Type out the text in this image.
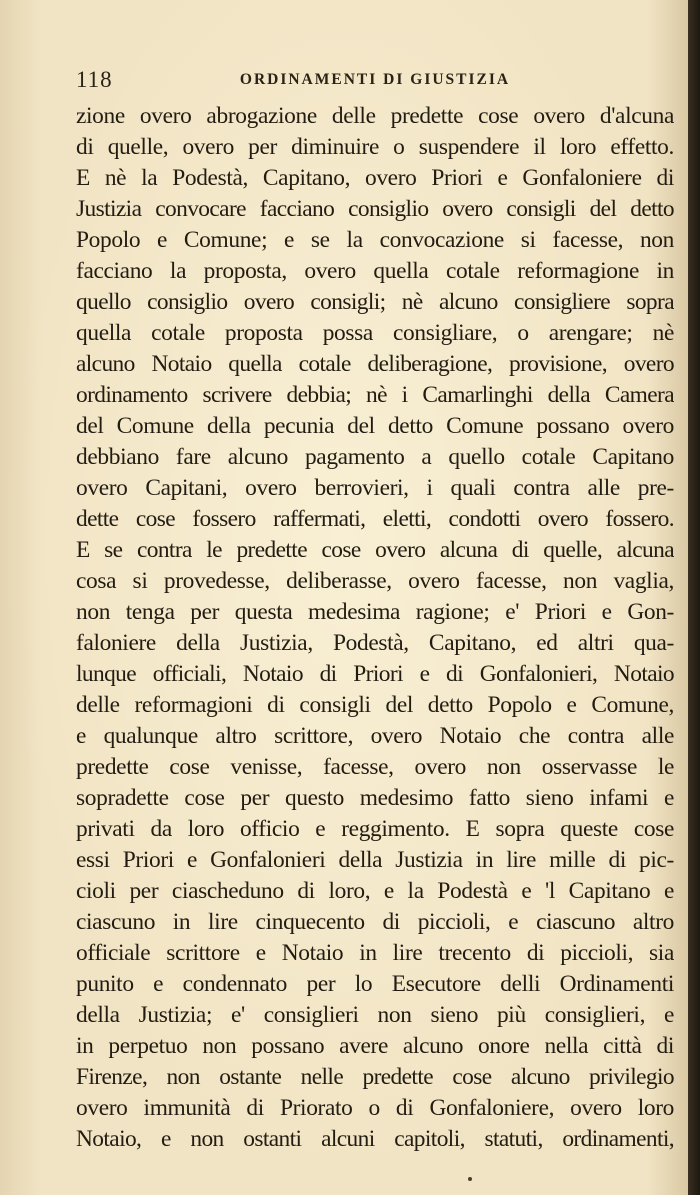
118	ORDINAMENTI DI GIUSTIZIA
zione overo abrogazione delle predette cose overo d'alcuna
di quelle, overo per diminuire o suspendere il loro effetto.
E nè la Podestà, Capitano, overo Priori e Gonfaloniere di
Justizia convocare facciano consiglio overo consigli del detto
Popolo e Comune; e se la convocazione si facesse, non
facciano la proposta, overo quella cotale reformagione in
quello consiglio overo consigli; nè alcuno consigliere sopra
quella cotale proposta possa consigliare, o arengare; nè
alcuno Notaio quella cotale deliberagione, provisione, overo
ordinamento scrivere debbia; nè i Camarlinghi della Camera
del Comune della pecunia del detto Comune possano overo
debbiano fare alcuno pagamento a quello cotale Capitano
overo Capitani, overo berrovieri, i quali contra alle pre-
dette cose fossero raffermati, eletti, condotti overo fossero.
E se contra le predette cose overo alcuna di quelle, alcuna
cosa si provedesse, deliberasse, overo facesse, non vaglia,
non tenga per questa medesima ragione; e' Priori e Gon-
faloniere della Justizia, Podestà, Capitano, ed altri qua-
lunque officiali, Notaio di Priori e di Gonfalonieri, Notaio
delle reformagioni di consigli del detto Popolo e Comune,
e qualunque altro scrittore, overo Notaio che contra alle
predette cose venisse, facesse, overo non osservasse le
sopradette cose per questo medesimo fatto sieno infami e
privati da loro officio e reggimento. E sopra queste cose
essi Priori e Gonfalonieri della Justizia in lire mille di pic-
cioli per ciascheduno di loro, e la Podestà e 'l Capitano e
ciascuno in lire cinquecento di piccioli, e ciascuno altro
officiale scrittore e Notaio in lire trecento di piccioli, sia
punito e condennato per lo Esecutore delli Ordinamenti
della Justizia; e' consiglieri non sieno più consiglieri, e
in perpetuo non possano avere alcuno onore nella città di
Firenze, non ostante nelle predette cose alcuno privilegio
overo immunità di Priorato o di Gonfaloniere, overo loro
Notaio, e non ostanti alcuni capitoli, statuti, ordinamenti,
